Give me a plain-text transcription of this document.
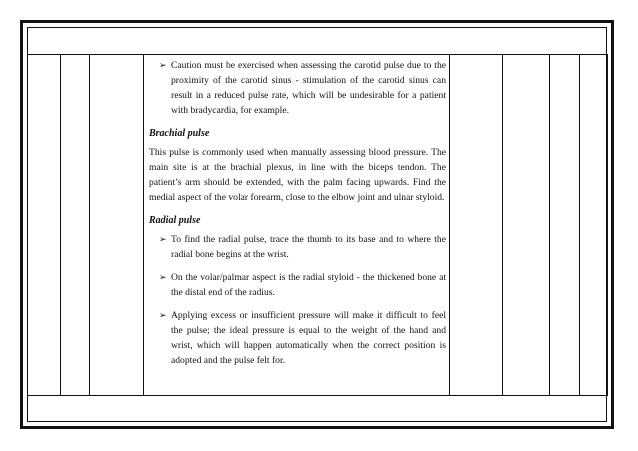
➢ Caution must be exercised when assessing the carotid pulse due to the proximity of the carotid sinus - stimulation of the carotid sinus can result in a reduced pulse rate, which will be undesirable for a patient with bradycardia, for example.
Brachial pulse

This pulse is commonly used when manually assessing blood pressure. The main site is at the brachial plexus, in line with the biceps tendon. The patient’s arm should be extended, with the palm facing upwards. Find the medial aspect of the volar forearm, close to the elbow joint and ulnar styloid.

Radial pulse
➢ To find the radial pulse, trace the thumb to its base and to where the radial bone begins at the wrist.
➢ On the volar/palmar aspect is the radial styloid - the thickened bone at the distal end of the radius.
➢ Applying excess or insufficient pressure will make it difficult to feel the pulse; the ideal pressure is equal to the weight of the hand and wrist, which will happen automatically when the correct position is adopted and the pulse felt for.
